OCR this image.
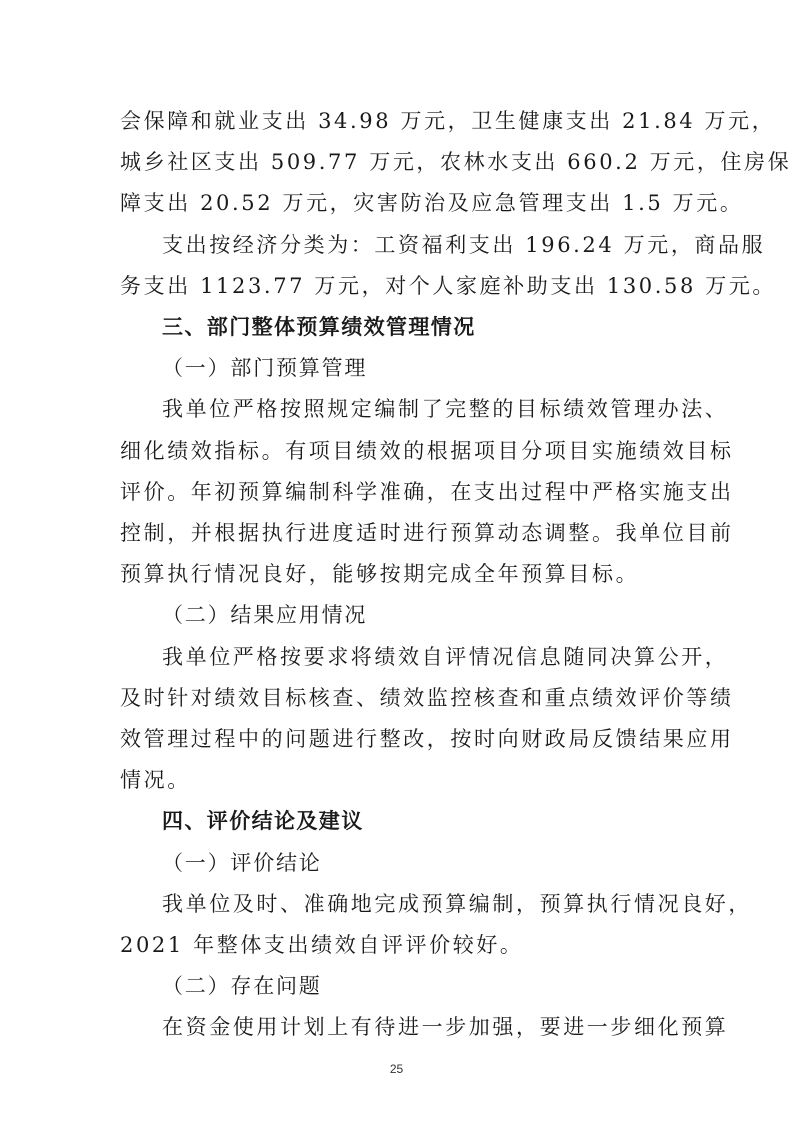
会保障和就业支出 34.98 万元，卫生健康支出 21.84 万元，
城乡社区支出 509.77 万元，农林水支出 660.2 万元，住房保
障支出 20.52 万元，灾害防治及应急管理支出 1.5 万元。
支出按经济分类为：工资福利支出 196.24 万元，商品服
务支出 1123.77 万元，对个人家庭补助支出 130.58 万元。
三、部门整体预算绩效管理情况
（一）部门预算管理
我单位严格按照规定编制了完整的目标绩效管理办法、
细化绩效指标。有项目绩效的根据项目分项目实施绩效目标
评价。年初预算编制科学准确，在支出过程中严格实施支出
控制，并根据执行进度适时进行预算动态调整。我单位目前
预算执行情况良好，能够按期完成全年预算目标。
（二）结果应用情况
我单位严格按要求将绩效自评情况信息随同决算公开，
及时针对绩效目标核查、绩效监控核查和重点绩效评价等绩
效管理过程中的问题进行整改，按时向财政局反馈结果应用
情况。
四、评价结论及建议
（一）评价结论
我单位及时、准确地完成预算编制，预算执行情况良好，
2021 年整体支出绩效自评评价较好。
（二）存在问题
在资金使用计划上有待进一步加强，要进一步细化预算
25
